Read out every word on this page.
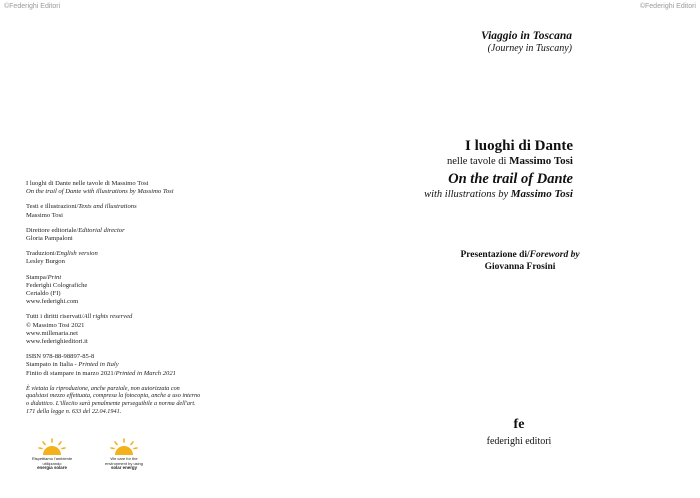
©Federighi Editori	©Federighi Editori
I luoghi di Dante nelle tavole di Massimo Tosi
On the trail of Dante with illustrations by Massimo Tosi
Testi e illustrazioni/Texts and illustrations
Massimo Tosi
Direttore editoriale/Editorial director
Gloria Pampaloni
Traduzioni/English version
Lesley Burgon
Stampa/Print
Federighi Colografiche
Certaldo (FI)
www.federighi.com
Tutti i diritti riservati/All rights reserved
© Massimo Tosi 2021
www.millenaria.net
www.federighieditori.it
ISBN 978-88-98897-85-8
Stampato in Italia - Printed in Italy
Finito di stampare in marzo 2021/Printed in March 2021
È vietata la riproduzione, anche parziale, non autorizzata con
qualsiasi mezzo effettuata, compresa la fotocopia, anche a uso interno
o didattico. L'illecito sarà penalmente perseguibile a norma dell'art.
171 della legge n. 633 del 22.04.1941.
Rispettiamo l'ambiente
utilizzando
energia solare
We care for the
environment by using
solar energy
Viaggio in Toscana
(Journey in Tuscany)
I luoghi di Dante
nelle tavole di Massimo Tosi
On the trail of Dante
with illustrations by Massimo Tosi
Presentazione di/Foreword by
Giovanna Frosini
fe
federighi editori
